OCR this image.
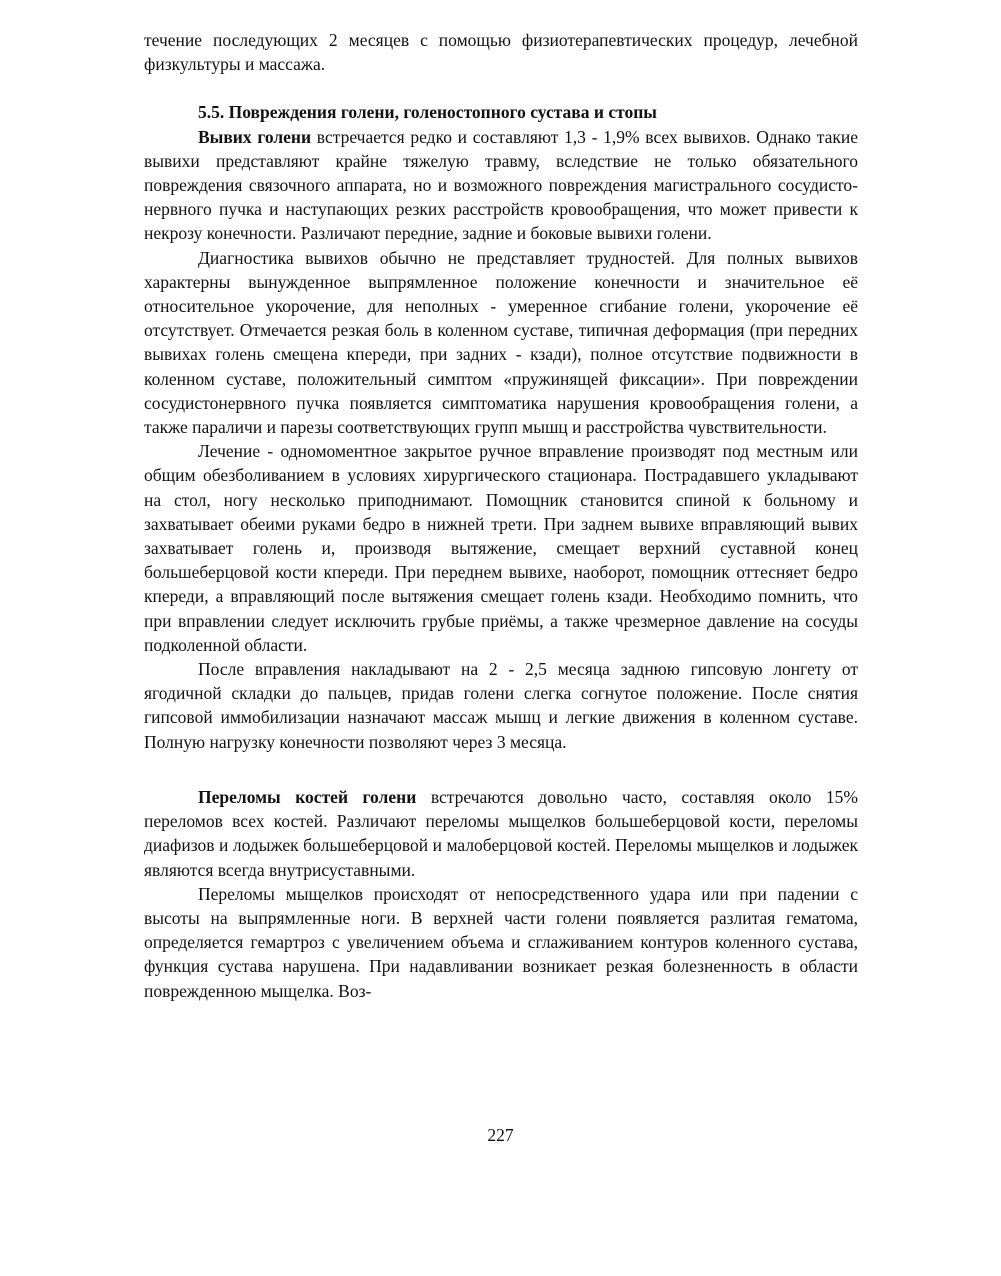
течение последующих 2 месяцев с помощью физиотерапевтических процедур, лечебной физкультуры и массажа.

5.5. Повреждения голени, голеностопного сустава и стопы

Вывих голени встречается редко и составляют 1,3 - 1,9% всех вывихов. Однако такие вывихи представляют крайне тяжелую травму, вследствие не только обязательного повреждения связочного аппарата, но и возможного повреждения магистрального сосудисто-нервного пучка и наступающих резких расстройств кровообращения, что может привести к некрозу конечности. Различают передние, задние и боковые вывихи голени.

Диагностика вывихов обычно не представляет трудностей. Для полных вывихов характерны вынужденное выпрямленное положение конечности и значительное её относительное укорочение, для неполных - умеренное сгибание голени, укорочение её отсутствует. Отмечается резкая боль в коленном суставе, типичная деформация (при передних вывихах голень смещена кпереди, при задних - кзади), полное отсутствие подвижности в коленном суставе, положительный симптом «пружинящей фиксации». При повреждении сосудистонервного пучка появляется симптоматика нарушения кровообращения голени, а также параличи и парезы соответствующих групп мышц и расстройства чувствительности.

Лечение - одномоментное закрытое ручное вправление производят под местным или общим обезболиванием в условиях хирургического стационара. Пострадавшего укладывают на стол, ногу несколько приподнимают. Помощник становится спиной к больному и захватывает обеими руками бедро в нижней трети. При заднем вывихе вправляющий вывих захватывает голень и, производя вытяжение, смещает верхний суставной конец большеберцовой кости кпереди. При переднем вывихе, наоборот, помощник оттесняет бедро кпереди, а вправляющий после вытяжения смещает голень кзади. Необходимо помнить, что при вправлении следует исключить грубые приёмы, а также чрезмерное давление на сосуды подколенной области.

После вправления накладывают на 2 - 2,5 месяца заднюю гипсовую лонгету от ягодичной складки до пальцев, придав голени слегка согнутое положение. После снятия гипсовой иммобилизации назначают массаж мышц и легкие движения в коленном суставе. Полную нагрузку конечности позволяют через 3 месяца.

Переломы костей голени встречаются довольно часто, составляя около 15% переломов всех костей. Различают переломы мыщелков большеберцовой кости, переломы диафизов и лодыжек большеберцовой и малоберцовой костей. Переломы мыщелков и лодыжек являются всегда внутрисуставными.

Переломы мыщелков происходят от непосредственного удара или при падении с высоты на выпрямленные ноги. В верхней части голени появляется разлитая гематома, определяется гемартроз с увеличением объема и сглаживанием контуров коленного сустава, функция сустава нарушена. При надавливании возникает резкая болезненность в области поврежденною мыщелка. Воз-

227
